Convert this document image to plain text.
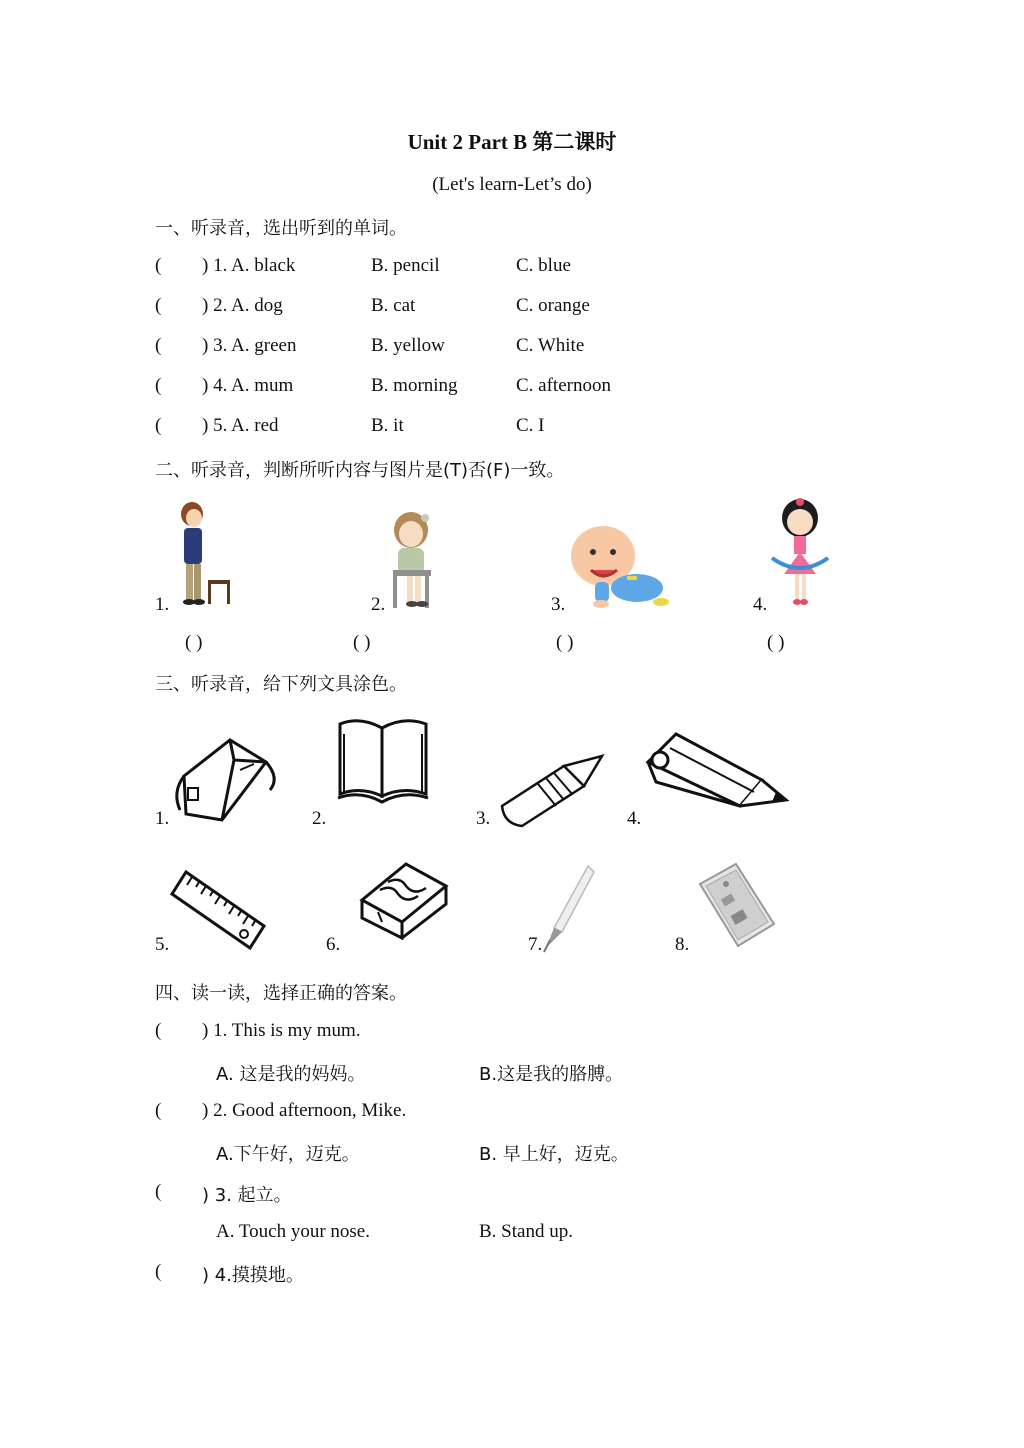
Unit 2 Part B 第二课时
(Let's learn-Let’s do)
一、听录音，选出听到的单词。
( ) 1. A. black	B. pencil	C. blue
( ) 2. A. dog	B. cat	C. orange
( ) 3. A. green	B. yellow	C. White
( ) 4. A. mum	B. morning	C. afternoon
( ) 5. A. red	B. it	C. I
二、听录音，判断所听内容与图片是(T)否(F)一致。
1.	2.	3.	4.
( )	( )	( )	( )
三、听录音，给下列文具涂色。
1.	2.	3.	4.
5.	6.	7.	8.
四、读一读，选择正确的答案。
( ) 1. This is my mum.
A. 这是我的妈妈。	B.这是我的胳膊。
( ) 2. Good afternoon, Mike.
A.下午好，迈克。	B. 早上好，迈克。
( ) 3. 起立。
A. Touch your nose.	B. Stand up.
( ) 4.摸摸地。
